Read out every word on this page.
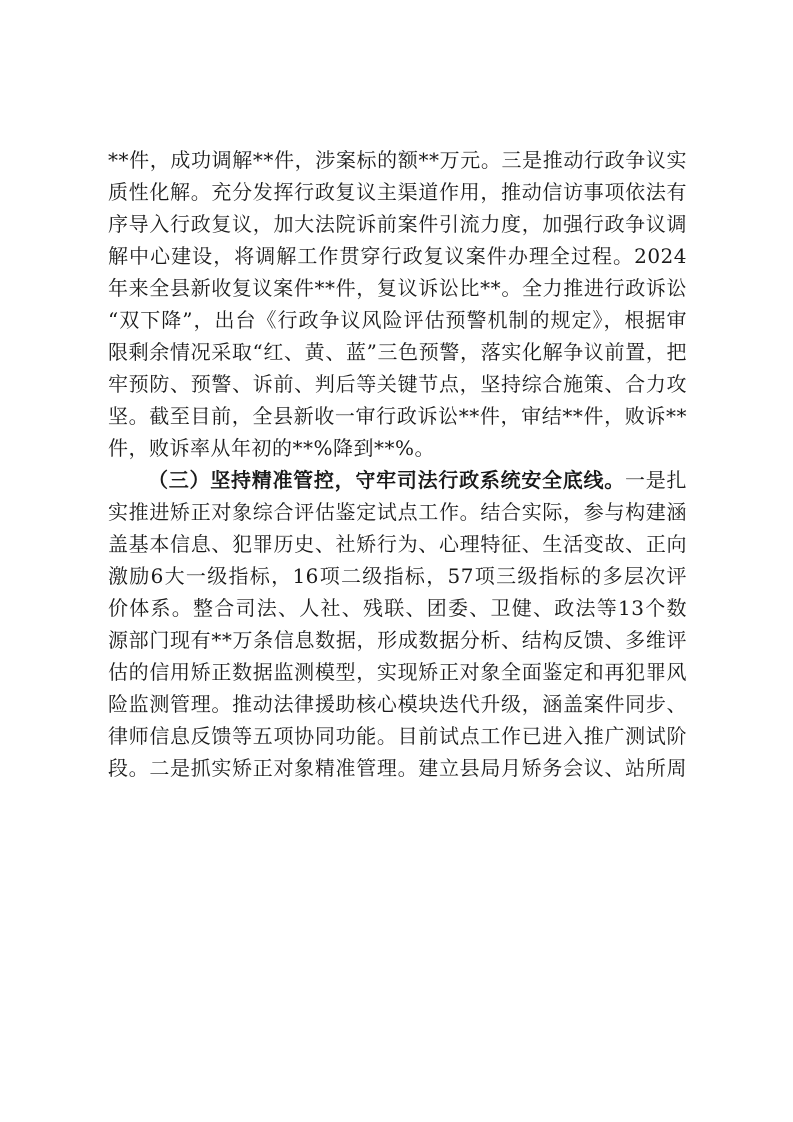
**件，成功调解**件，涉案标的额**万元。三是推动行政争议实
质性化解。充分发挥行政复议主渠道作用，推动信访事项依法有
序导入行政复议，加大法院诉前案件引流力度，加强行政争议调
解中心建设，将调解工作贯穿行政复议案件办理全过程。2024
年来全县新收复议案件**件，复议诉讼比**。全力推进行政诉讼
“双下降”，出台《行政争议风险评估预警机制的规定》，根据审
限剩余情况采取“红、黄、蓝”三色预警，落实化解争议前置，把
牢预防、预警、诉前、判后等关键节点，坚持综合施策、合力攻
坚。截至目前，全县新收一审行政诉讼**件，审结**件，败诉**
件，败诉率从年初的**%降到**%。
（三）坚持精准管控，守牢司法行政系统安全底线。一是扎
实推进矫正对象综合评估鉴定试点工作。结合实际，参与构建涵
盖基本信息、犯罪历史、社矫行为、心理特征、生活变故、正向
激励6大一级指标，16项二级指标，57项三级指标的多层次评
价体系。整合司法、人社、残联、团委、卫健、政法等13个数
源部门现有**万条信息数据，形成数据分析、结构反馈、多维评
估的信用矫正数据监测模型，实现矫正对象全面鉴定和再犯罪风
险监测管理。推动法律援助核心模块迭代升级，涵盖案件同步、
律师信息反馈等五项协同功能。目前试点工作已进入推广测试阶
段。二是抓实矫正对象精准管理。建立县局月矫务会议、站所周
